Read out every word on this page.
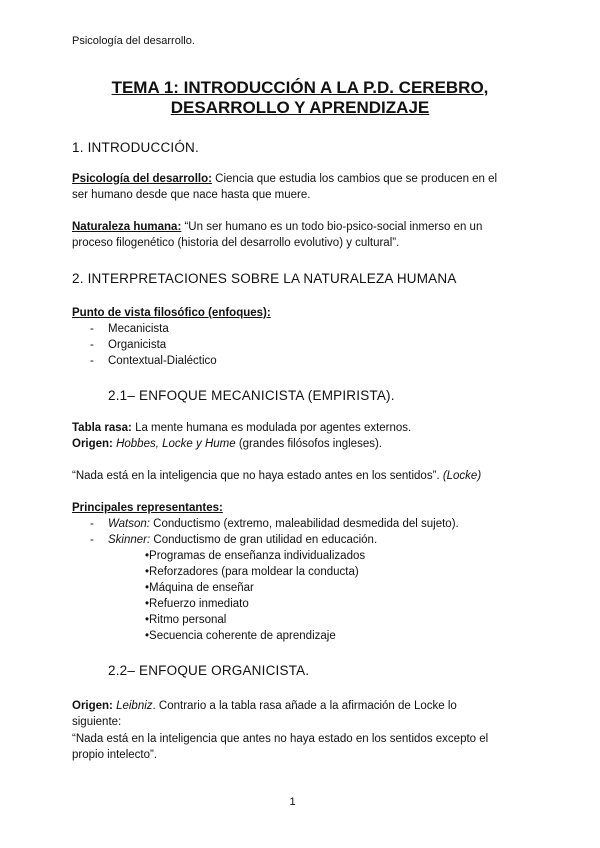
Psicología del desarrollo.
TEMA 1: INTRODUCCIÓN A LA P.D. CEREBRO,
DESARROLLO Y APRENDIZAJE
1. INTRODUCCIÓN.
Psicología del desarrollo: Ciencia que estudia los cambios que se producen en el
ser humano desde que nace hasta que muere.
Naturaleza humana: “Un ser humano es un todo bio-psico-social inmerso en un
proceso filogenético (historia del desarrollo evolutivo) y cultural”.
2. INTERPRETACIONES SOBRE LA NATURALEZA HUMANA
Punto de vista filosófico (enfoques):
- Mecanicista
- Organicista
- Contextual-Dialéctico
2.1– ENFOQUE MECANICISTA (EMPIRISTA).
Tabla rasa: La mente humana es modulada por agentes externos.
Origen: Hobbes, Locke y Hume (grandes filósofos ingleses).
“Nada está en la inteligencia que no haya estado antes en los sentidos”. (Locke)
Principales representantes:
- Watson: Conductismo (extremo, maleabilidad desmedida del sujeto).
- Skinner: Conductismo de gran utilidad en educación.
•Programas de enseñanza individualizados
•Reforzadores (para moldear la conducta)
•Máquina de enseñar
•Refuerzo inmediato
•Ritmo personal
•Secuencia coherente de aprendizaje
2.2– ENFOQUE ORGANICISTA.
Origen: Leibniz. Contrario a la tabla rasa añade a la afirmación de Locke lo
siguiente:
“Nada está en la inteligencia que antes no haya estado en los sentidos excepto el
propio intelecto”.
1
